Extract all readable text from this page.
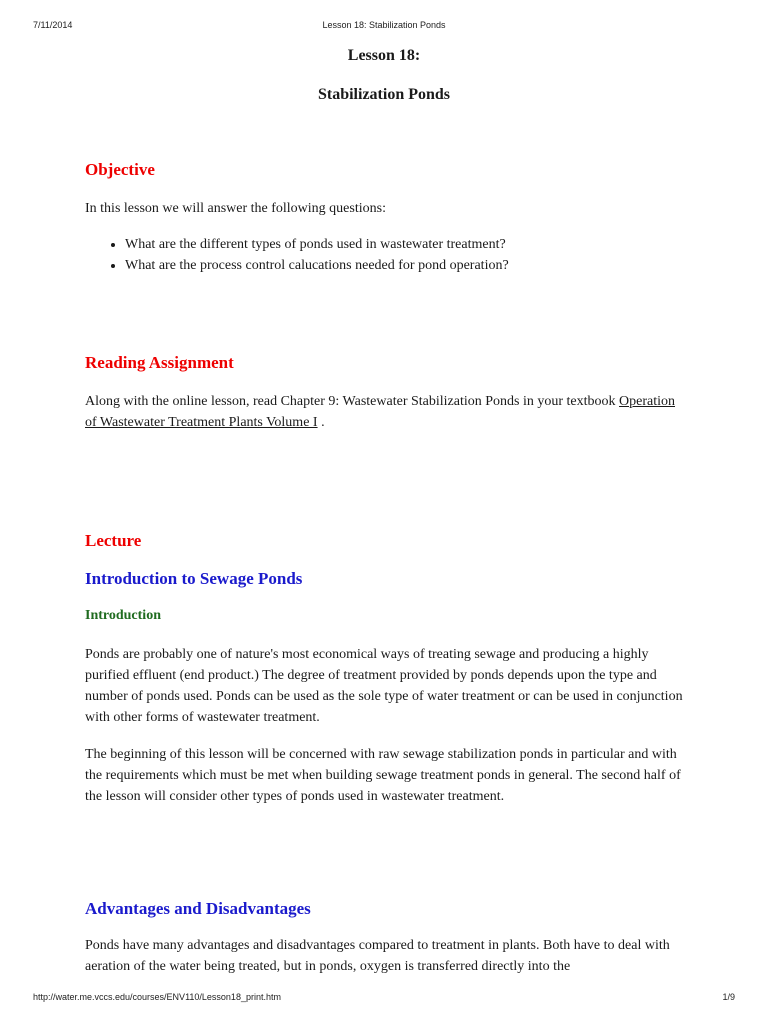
7/11/2014	Lesson 18: Stabilization Ponds
Lesson 18:
Stabilization Ponds
Objective

In this lesson we will answer the following questions:

• What are the different types of ponds used in wastewater treatment?
• What are the process control calucations needed for pond operation?
Reading Assignment

Along with the online lesson, read Chapter 9: Wastewater Stabilization Ponds in your textbook Operation of Wastewater Treatment Plants Volume I .

Lecture
Introduction to Sewage Ponds
Introduction

Ponds are probably one of nature's most economical ways of treating sewage and producing a highly purified effluent (end product.) The degree of treatment provided by ponds depends upon the type and number of ponds used. Ponds can be used as the sole type of water treatment or can be used in conjunction with other forms of wastewater treatment.

The beginning of this lesson will be concerned with raw sewage stabilization ponds in particular and with the requirements which must be met when building sewage treatment ponds in general. The second half of the lesson will consider other types of ponds used in wastewater treatment.

Advantages and Disadvantages

Ponds have many advantages and disadvantages compared to treatment in plants. Both have to deal with aeration of the water being treated, but in ponds, oxygen is transferred directly into the

http://water.me.vccs.edu/courses/ENV110/Lesson18_print.htm	1/9
